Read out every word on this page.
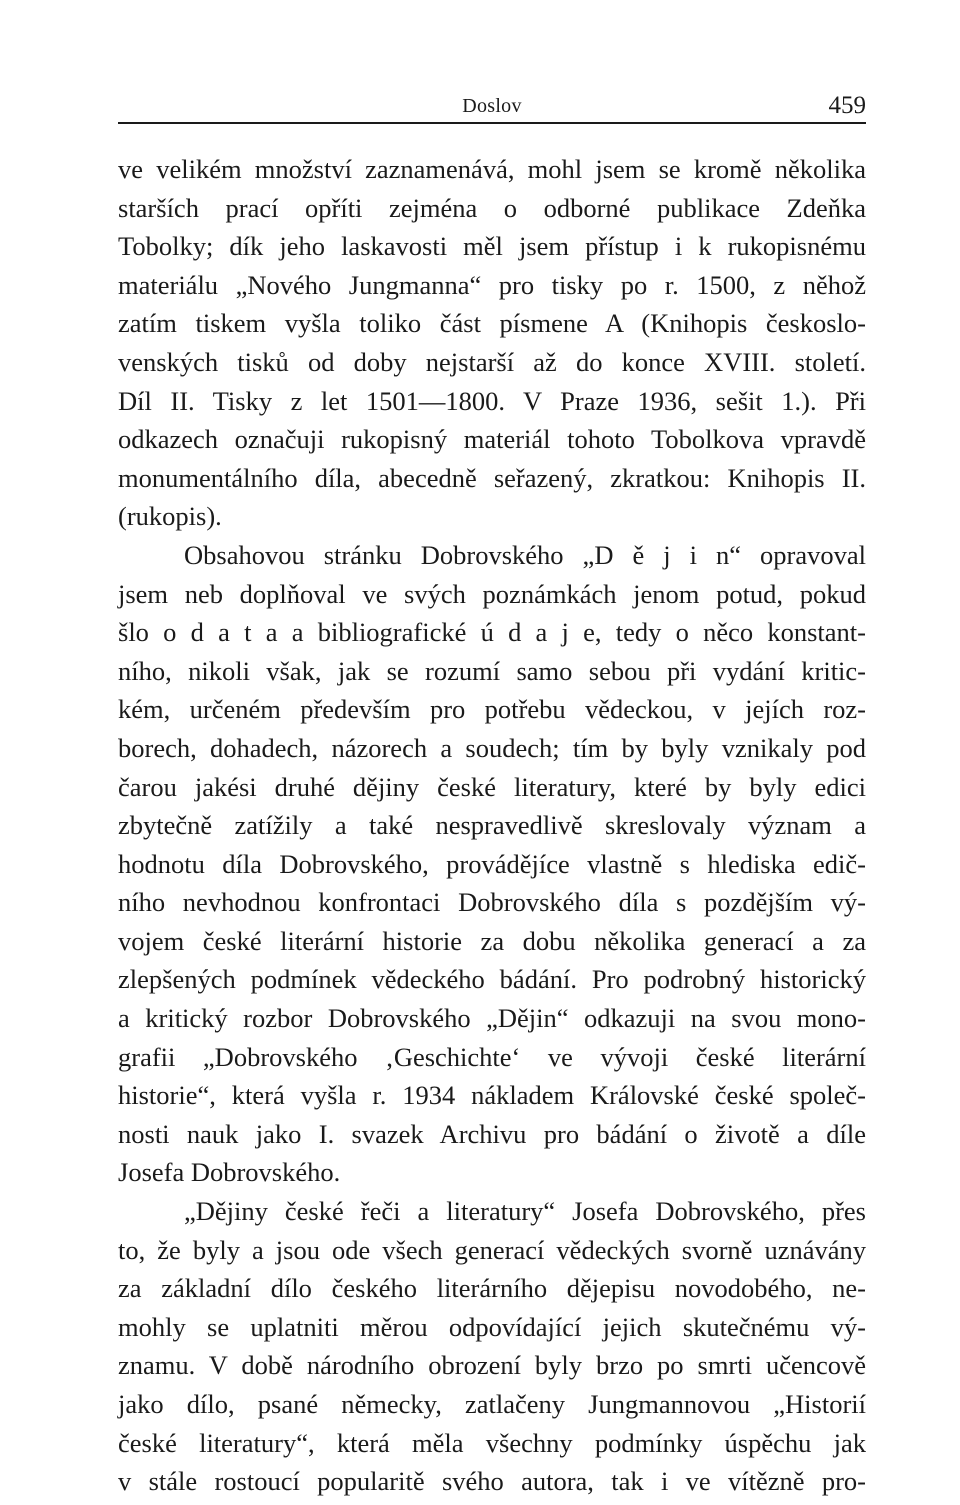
Doslov	459
ve velikém množství zaznamenává, mohl jsem se kromě několika
starších prací opříti zejména o odborné publikace Zdeňka
Tobolky; dík jeho laskavosti měl jsem přístup i k rukopisnému
materiálu „Nového Jungmanna“ pro tisky po r. 1500, z něhož
zatím tiskem vyšla toliko část písmene A (Knihopis českoslo-
venských tisků od doby nejstarší až do konce XVIII. století.
Díl II. Tisky z let 1501—1800. V Praze 1936, sešit 1.). Při
odkazech označuji rukopisný materiál tohoto Tobolkova vpravdě
monumentálního díla, abecedně seřazený, zkratkou: Knihopis II.
(rukopis).
Obsahovou stránku Dobrovského „D ě j i n“ opravoval
jsem neb doplňoval ve svých poznámkách jenom potud, pokud
šlo o d a t a a bibliografické ú d a j e, tedy o něco konstant-
ního, nikoli však, jak se rozumí samo sebou při vydání kritic-
kém, určeném především pro potřebu vědeckou, v jejích roz-
borech, dohadech, názorech a soudech; tím by byly vznikaly pod
čarou jakési druhé dějiny české literatury, které by byly edici
zbytečně zatížily a také nespravedlivě skreslovaly význam a
hodnotu díla Dobrovského, provádějíce vlastně s hlediska edič-
ního nevhodnou konfrontaci Dobrovského díla s pozdějším vý-
vojem české literární historie za dobu několika generací a za
zlepšených podmínek vědeckého bádání. Pro podrobný historický
a kritický rozbor Dobrovského „Dějin“ odkazuji na svou mono-
grafii „Dobrovského ‚Geschichte‘ ve vývoji české literární
historie“, která vyšla r. 1934 nákladem Královské české společ-
nosti nauk jako I. svazek Archivu pro bádání o životě a díle
Josefa Dobrovského.
„Dějiny české řeči a literatury“ Josefa Dobrovského, přes
to, že byly a jsou ode všech generací vědeckých svorně uznávány
za základní dílo českého literárního dějepisu novodobého, ne-
mohly se uplatniti měrou odpovídající jejich skutečnému vý-
znamu. V době národního obrození byly brzo po smrti učencově
jako dílo, psané německy, zatlačeny Jungmannovou „Historií
české literatury“, která měla všechny podmínky úspěchu jak
v stále rostoucí popularitě svého autora, tak i ve vítězně pro-
